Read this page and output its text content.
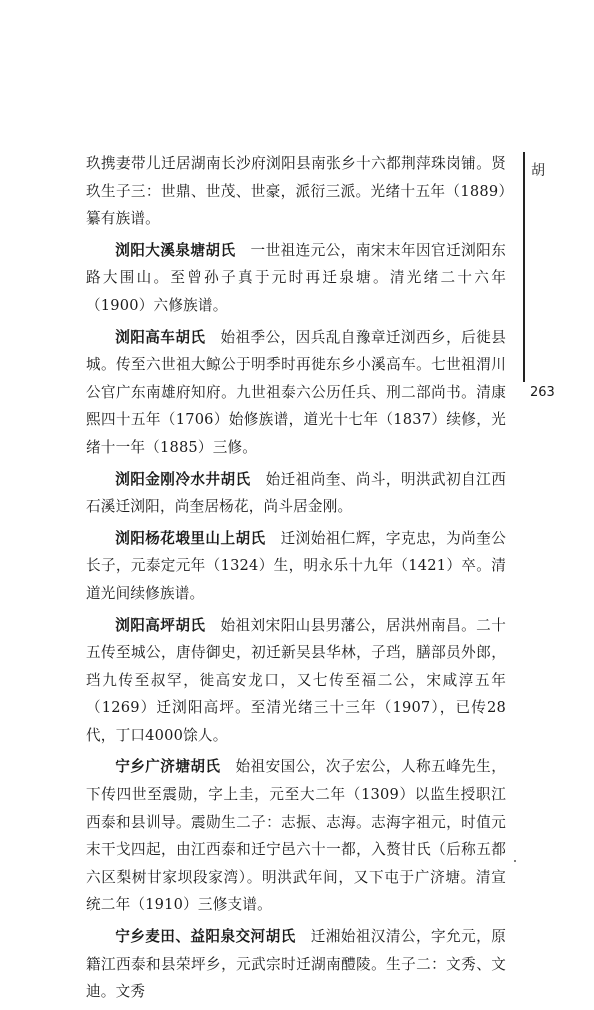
玖携妻带儿迁居湖南长沙府浏阳县南张乡十六都荆萍珠岗铺。贤玖生子三：世鼎、世茂、世豪，派衍三派。光绪十五年（1889）纂有族谱。

浏阳大溪泉塘胡氏　一世祖连元公，南宋末年因官迁浏阳东路大围山。至曾孙子真于元时再迁泉塘。清光绪二十六年（1900）六修族谱。

浏阳高车胡氏　始祖季公，因兵乱自豫章迁浏西乡，后徙县城。传至六世祖大鲸公于明季时再徙东乡小溪高车。七世祖渭川公官广东南雄府知府。九世祖泰六公历任兵、刑二部尚书。清康熙四十五年（1706）始修族谱，道光十七年（1837）续修，光绪十一年（1885）三修。

浏阳金刚冷水井胡氏　始迁祖尚奎、尚斗，明洪武初自江西石溪迁浏阳，尚奎居杨花，尚斗居金刚。

浏阳杨花塅里山上胡氏　迁浏始祖仁辉，字克忠，为尚奎公长子，元泰定元年（1324）生，明永乐十九年（1421）卒。清道光间续修族谱。

浏阳高坪胡氏　始祖刘宋阳山县男藩公，居洪州南昌。二十五传至城公，唐侍御史，初迁新吴县华林，子珰，膳部员外郎，珰九传至叔罕，徙高安龙口，又七传至福二公，宋咸淳五年（1269）迁浏阳高坪。至清光绪三十三年（1907），已传28代，丁口4000馀人。

宁乡广济塘胡氏　始祖安国公，次子宏公，人称五峰先生，下传四世至震勋，字上圭，元至大二年（1309）以监生授职江西泰和县训导。震勋生二子：志振、志海。志海字祖元，时值元末干戈四起，由江西泰和迁宁邑六十一都，入赘甘氏（后称五都六区梨树甘家坝段家湾）。明洪武年间，又下屯于广济塘。清宣统二年（1910）三修支谱。

宁乡麦田、益阳泉交河胡氏　迁湘始祖汉清公，字允元，原籍江西泰和县荣坪乡，元武宗时迁湖南醴陵。生子二：文秀、文迪。文秀

胡
263
